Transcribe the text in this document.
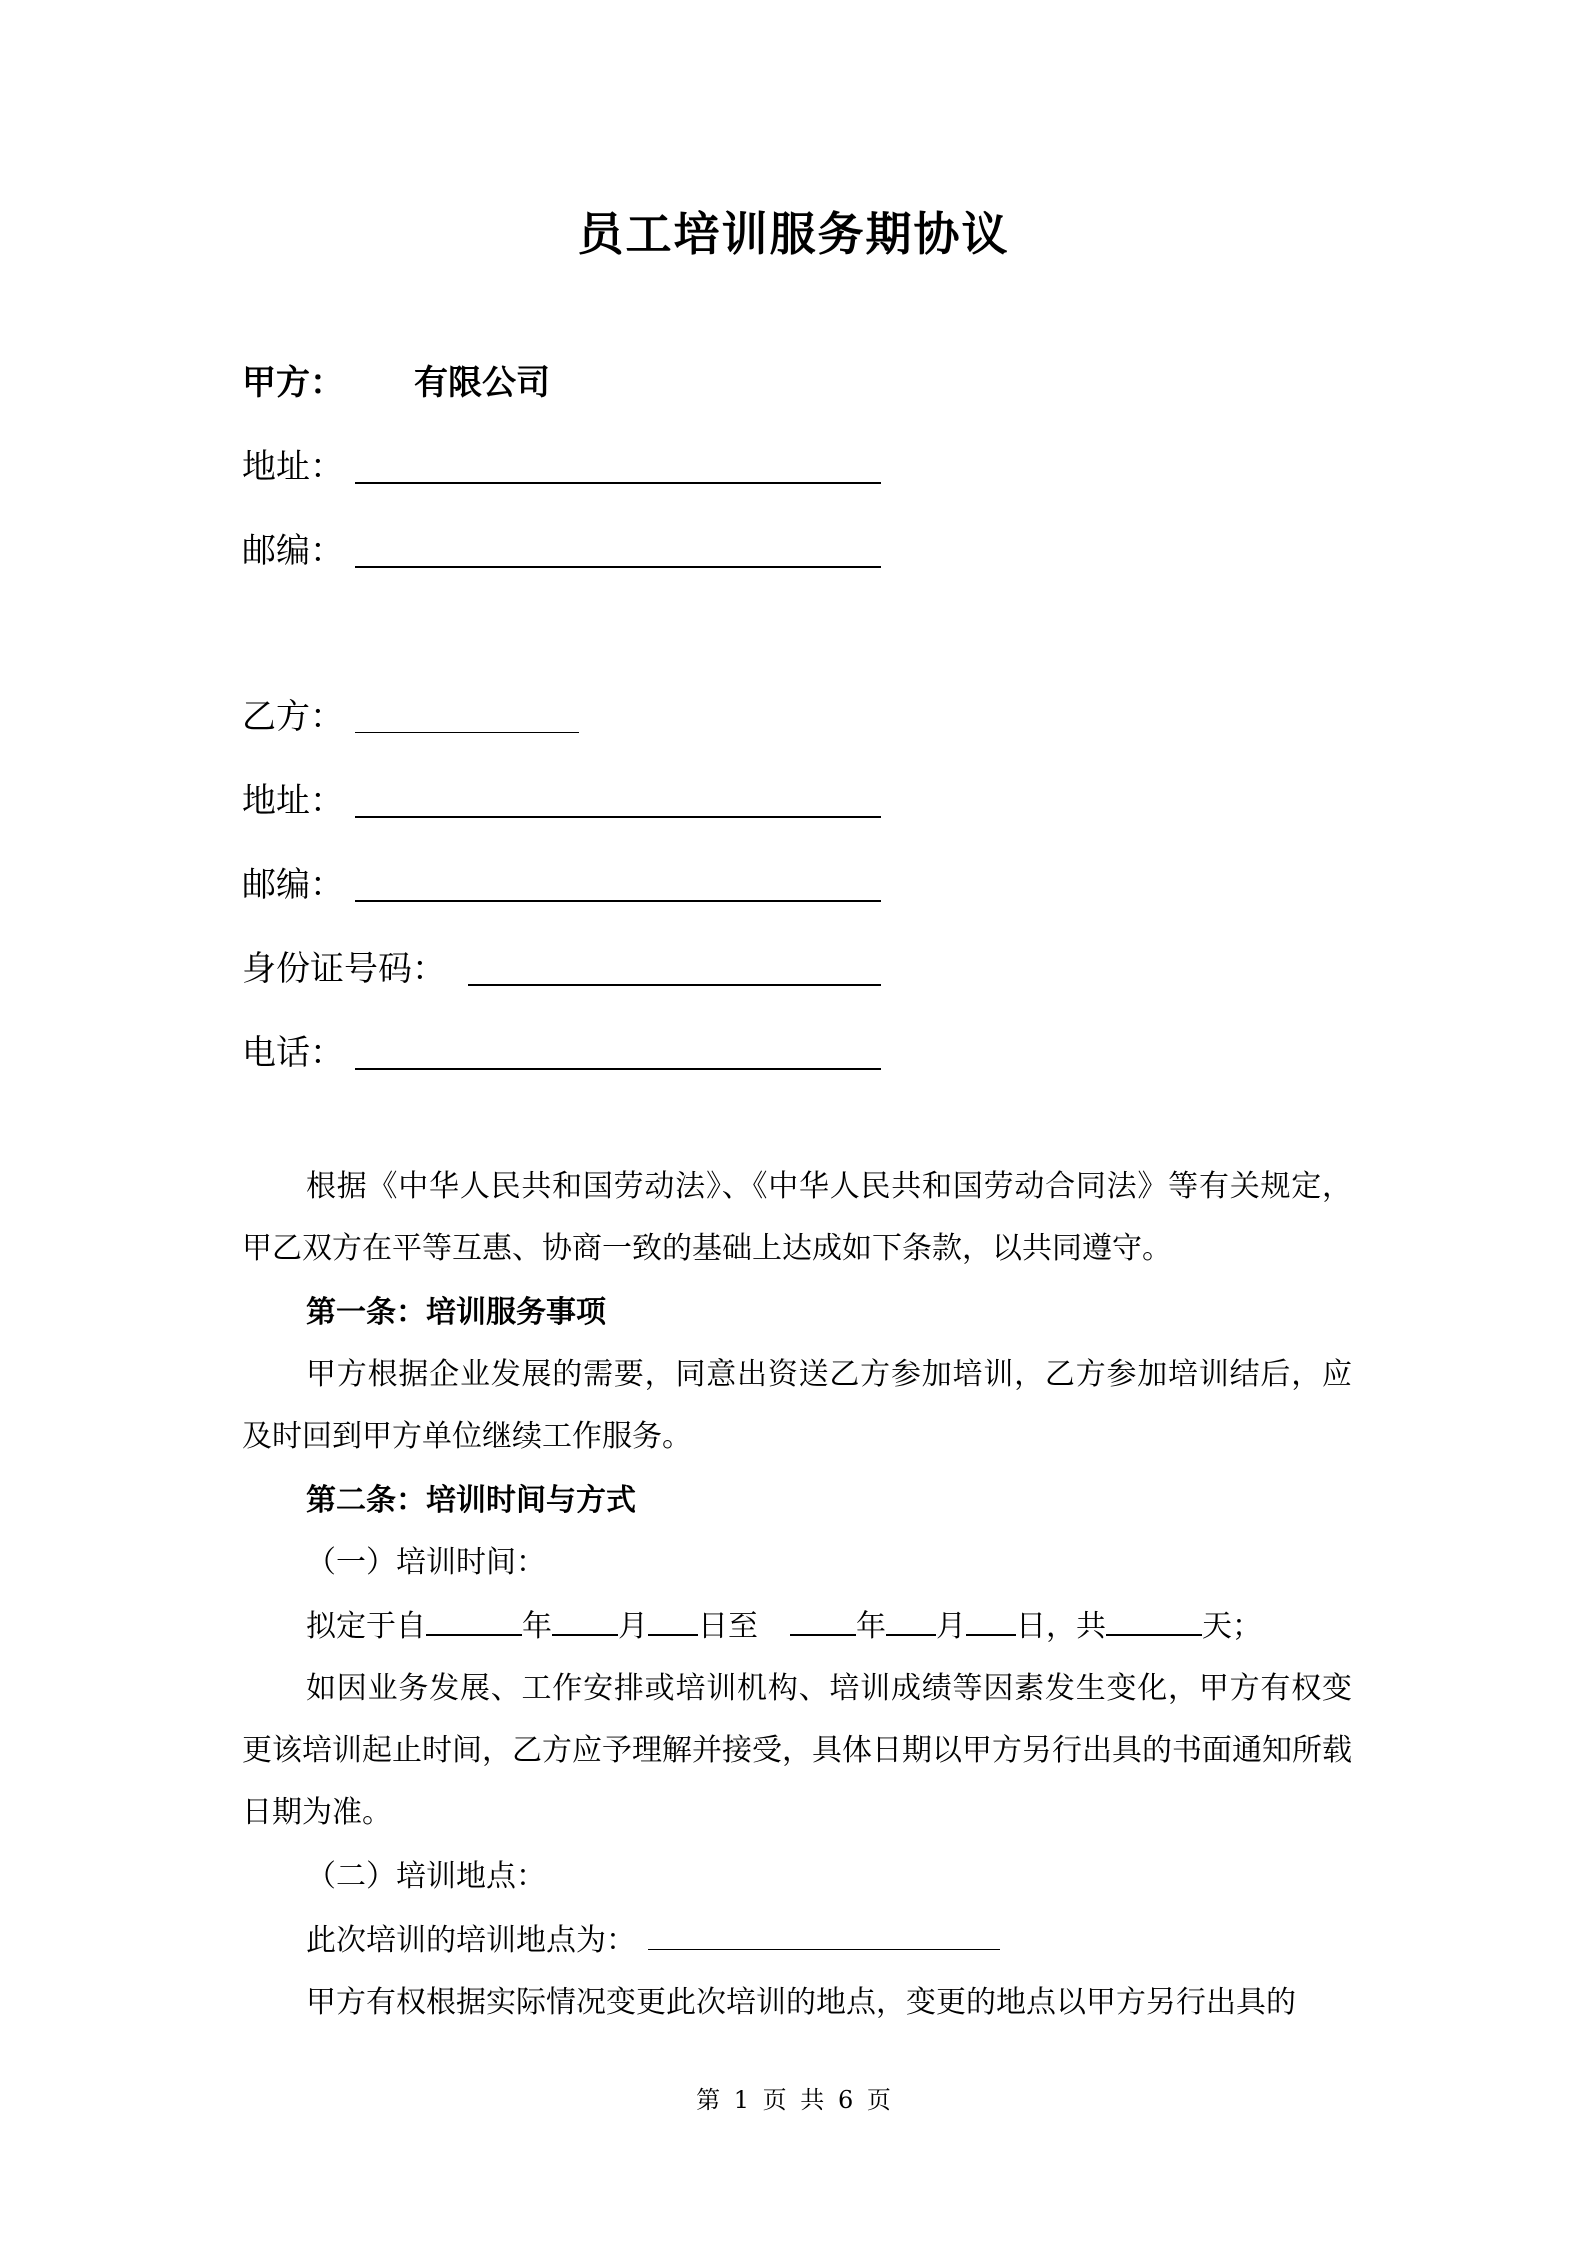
员工培训服务期协议
甲方： 有限公司
地址：
邮编：
乙方：
地址：
邮编：
身份证号码：
电话：
根据《中华人民共和国劳动法》、《中华人民共和国劳动合同法》等有关规定，甲乙双方在平等互惠、协商一致的基础上达成如下条款，以共同遵守。
第一条：培训服务事项
甲方根据企业发展的需要，同意出资送乙方参加培训，乙方参加培训结后，应及时回到甲方单位继续工作服务。
第二条：培训时间与方式
（一）培训时间：
拟定于自	年 月 日至	年 月 日，共	天；
如因业务发展、工作安排或培训机构、培训成绩等因素发生变化，甲方有权变更该培训起止时间，乙方应予理解并接受，具体日期以甲方另行出具的书面通知所载日期为准。
（二）培训地点：
此次培训的培训地点为：
甲方有权根据实际情况变更此次培训的地点，变更的地点以甲方另行出具的
第 1 页 共 6 页
